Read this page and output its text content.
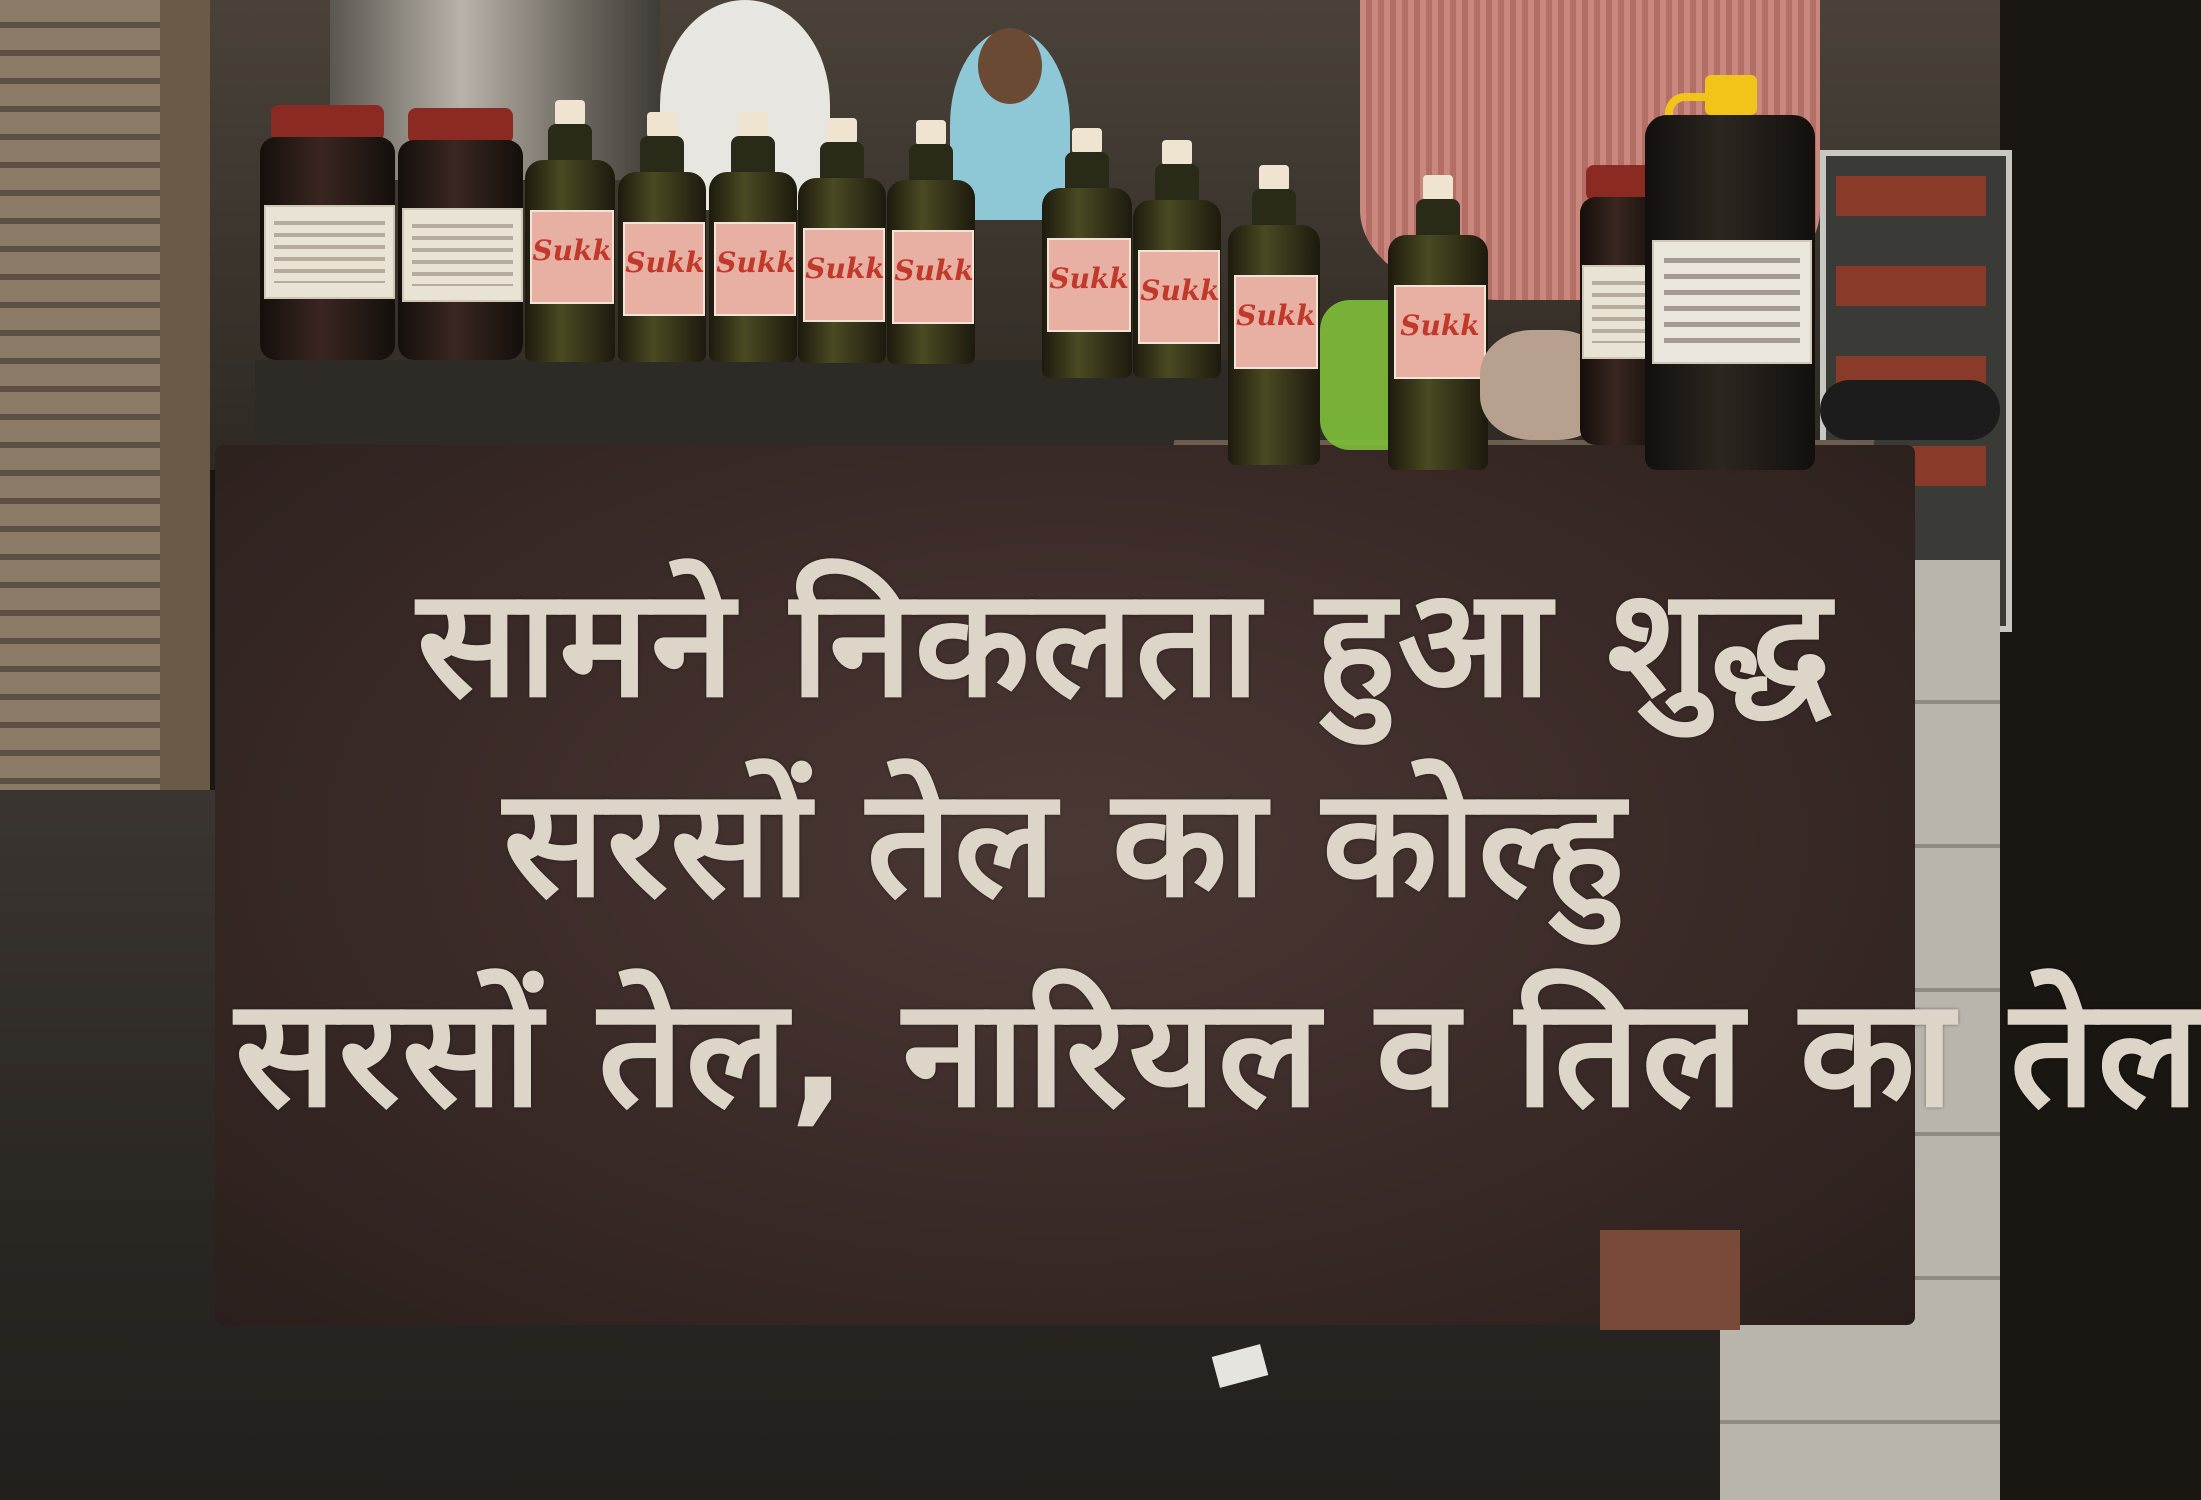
सामने निकलता हुआ शुद्ध
सरसों तेल का कोल्हु
सरसों तेल, नारियल व तिल का तेल
Sukk Sukk Sukk Sukk Sukk	Sukk Sukk
Sukk	Sukk
